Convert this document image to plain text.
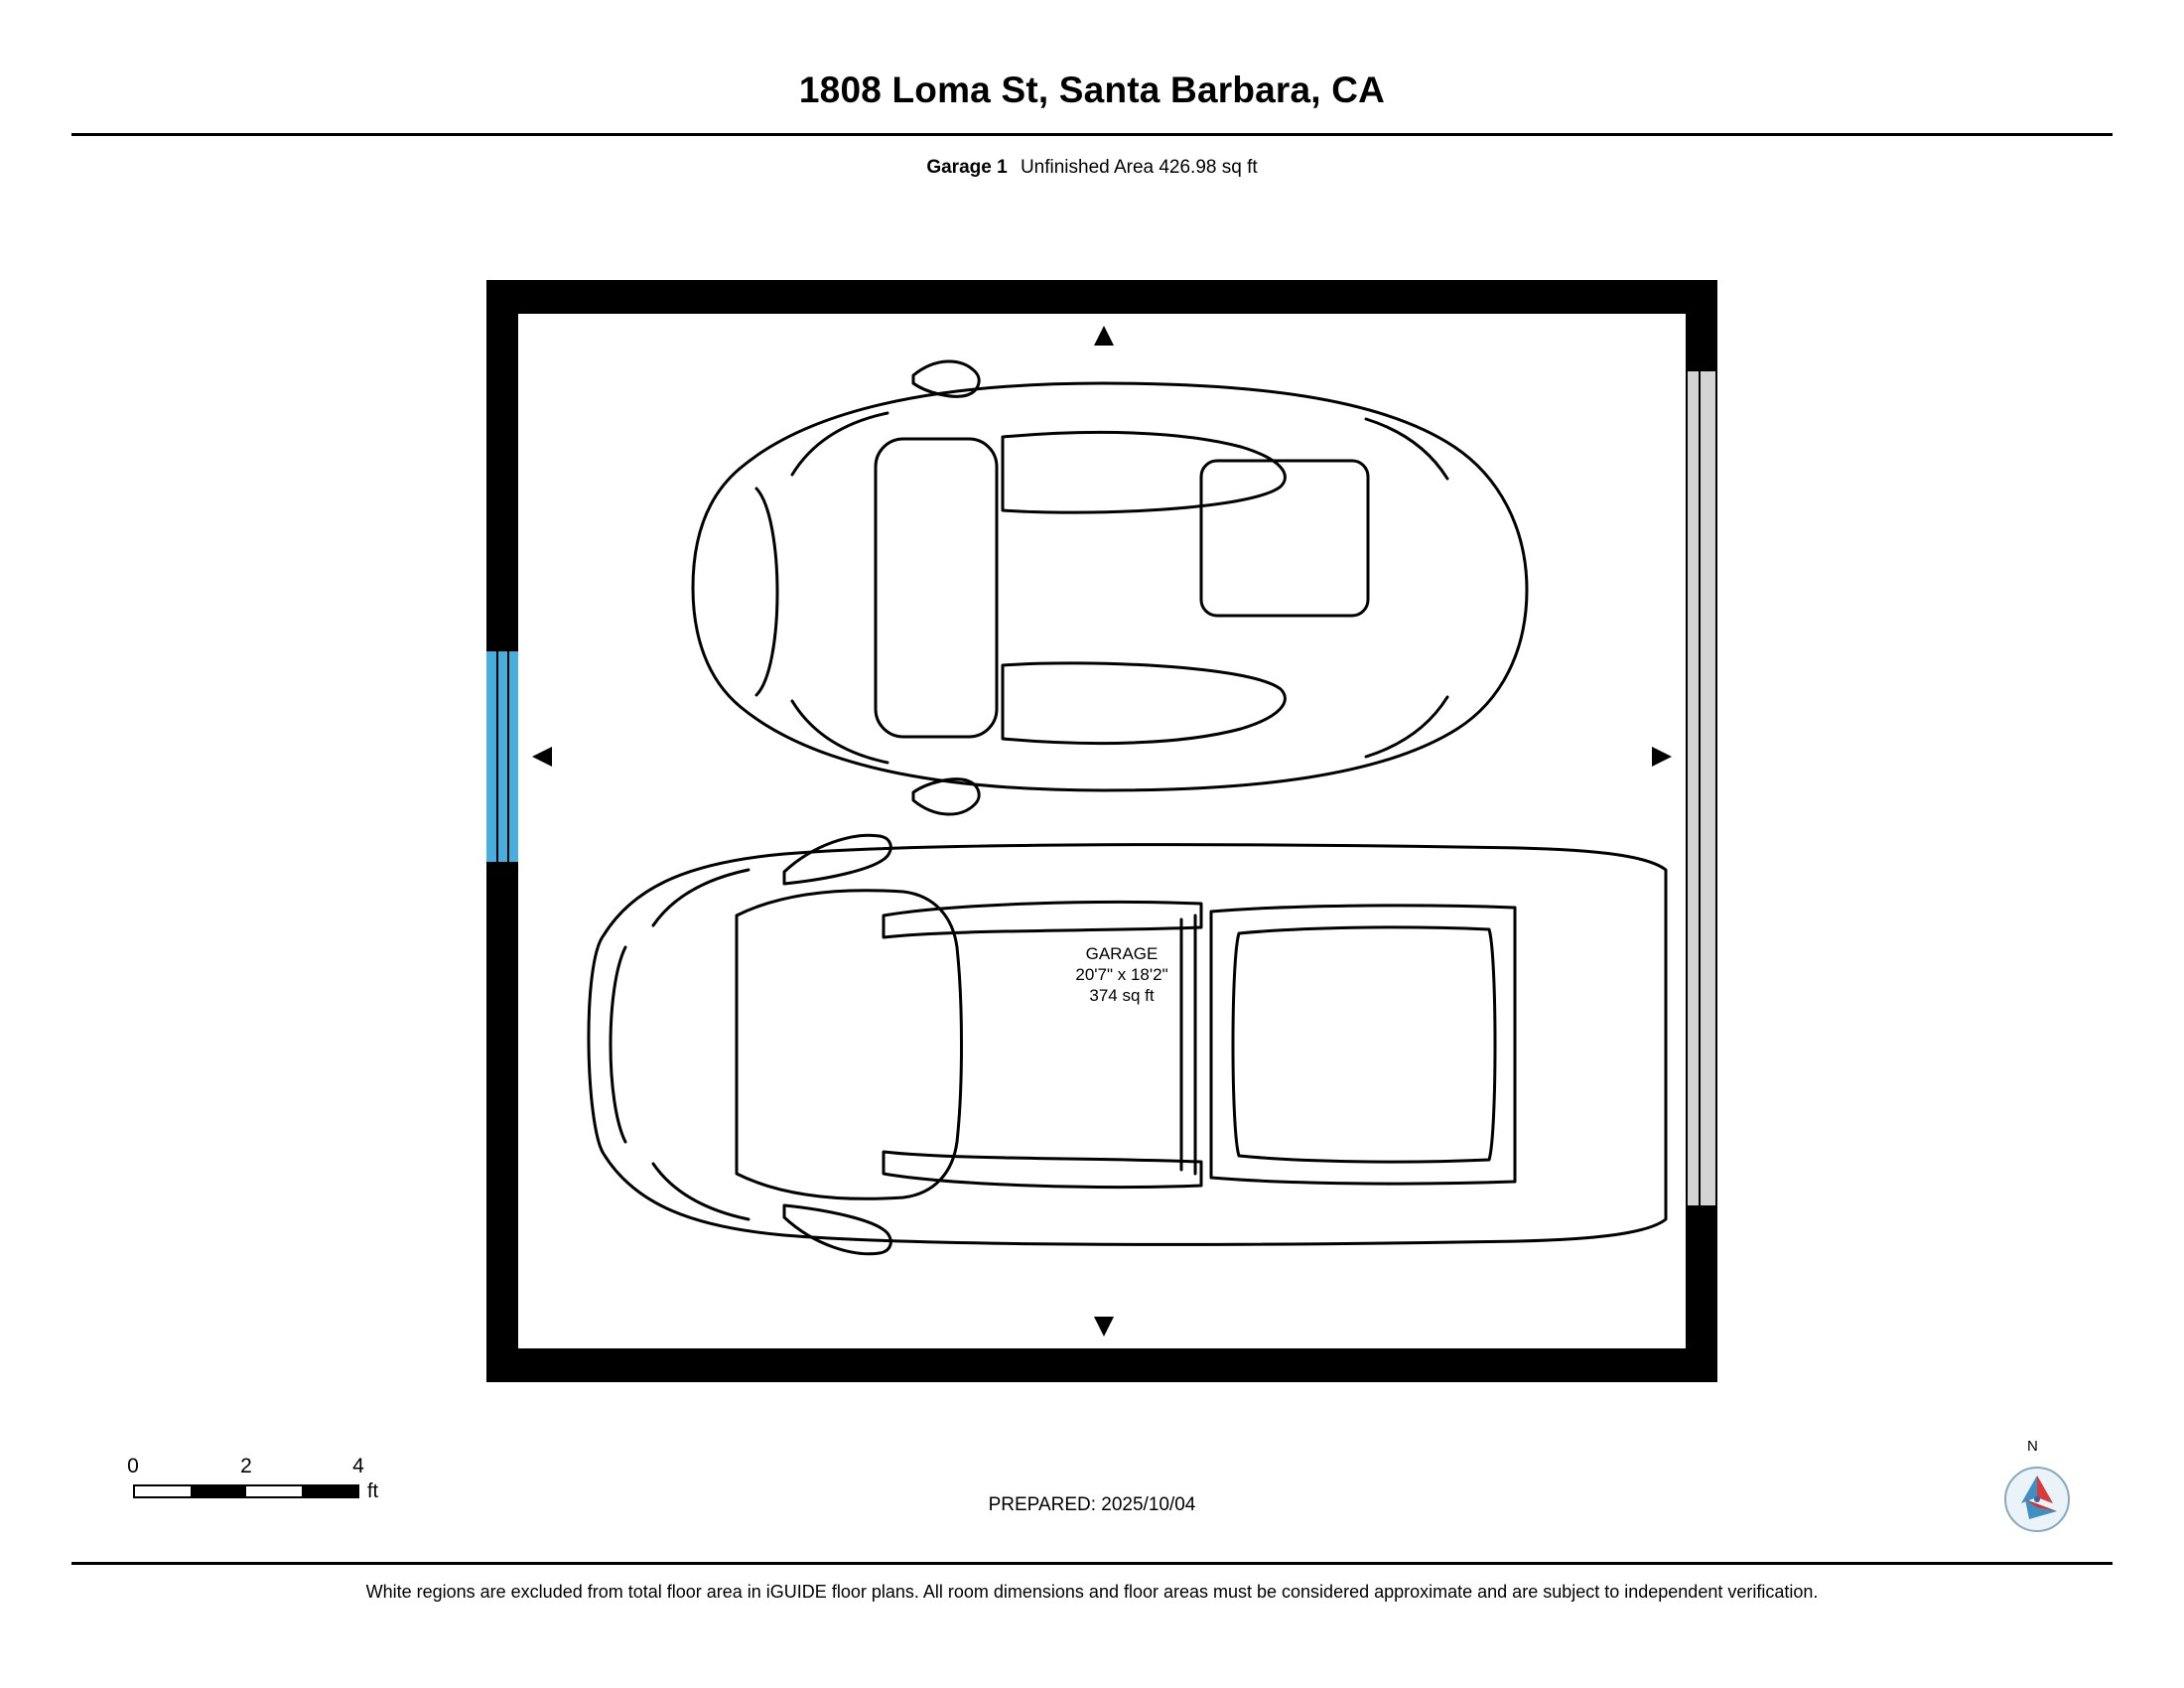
1808 Loma St, Santa Barbara, CA
Garage 1 Unfinished Area 426.98 sq ft
GARAGE
20'7" x 18'2"
374 sq ft
0	2	4
ft
PREPARED: 2025/10/04
N
White regions are excluded from total floor area in iGUIDE floor plans. All room dimensions and floor areas must be considered approximate and are subject to independent verification.
